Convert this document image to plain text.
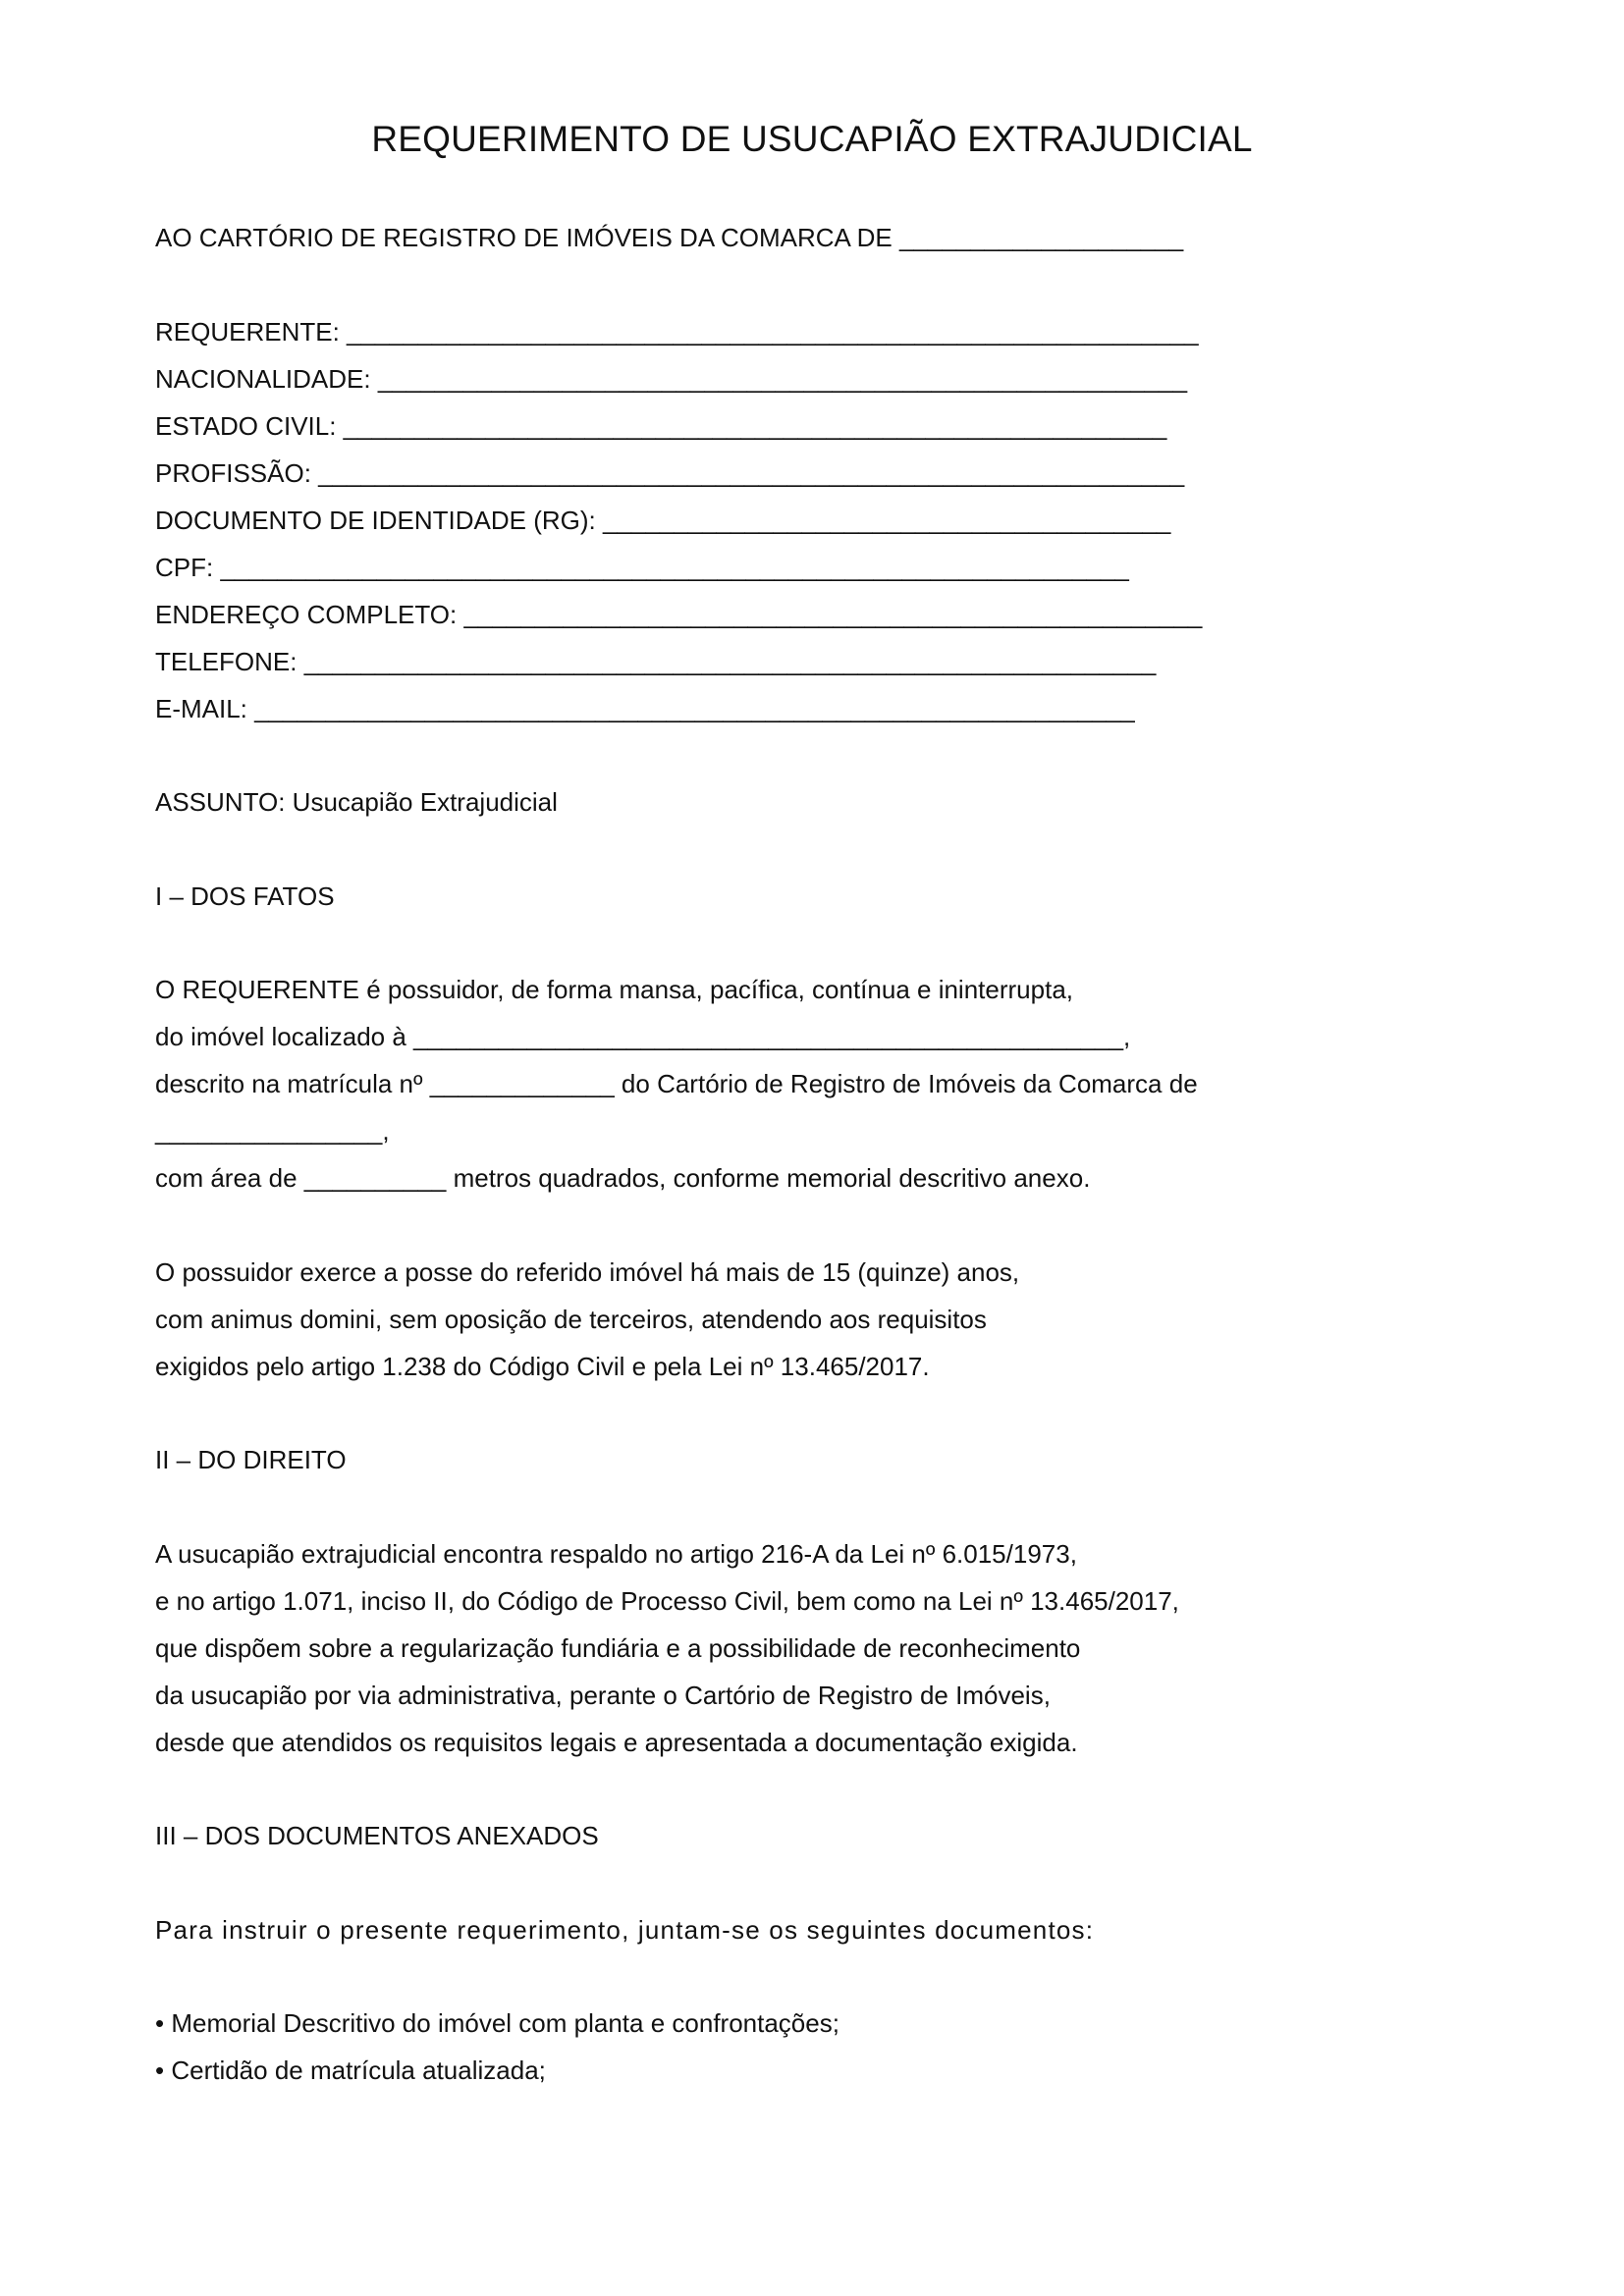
REQUERIMENTO DE USUCAPIÃO EXTRAJUDICIAL

AO CARTÓRIO DE REGISTRO DE IMÓVEIS DA COMARCA DE ____________________

REQUERENTE: ____________________________________________________________

NACIONALIDADE: _________________________________________________________

ESTADO CIVIL: __________________________________________________________

PROFISSÃO: _____________________________________________________________

DOCUMENTO DE IDENTIDADE (RG): ________________________________________

CPF: ________________________________________________________________

ENDEREÇO COMPLETO: ____________________________________________________

TELEFONE: ____________________________________________________________

E-MAIL: ______________________________________________________________

ASSUNTO: Usucapião Extrajudicial

I – DOS FATOS

O REQUERENTE é possuidor, de forma mansa, pacífica, contínua e ininterrupta,

do imóvel localizado à __________________________________________________,

descrito na matrícula nº _____________ do Cartório de Registro de Imóveis da Comarca de

________________,

com área de __________ metros quadrados, conforme memorial descritivo anexo.

O possuidor exerce a posse do referido imóvel há mais de 15 (quinze) anos,

com animus domini, sem oposição de terceiros, atendendo aos requisitos

exigidos pelo artigo 1.238 do Código Civil e pela Lei nº 13.465/2017.

II – DO DIREITO

A usucapião extrajudicial encontra respaldo no artigo 216-A da Lei nº 6.015/1973,

e no artigo 1.071, inciso II, do Código de Processo Civil, bem como na Lei nº 13.465/2017,

que dispõem sobre a regularização fundiária e a possibilidade de reconhecimento

da usucapião por via administrativa, perante o Cartório de Registro de Imóveis,

desde que atendidos os requisitos legais e apresentada a documentação exigida.

III – DOS DOCUMENTOS ANEXADOS

Para instruir o presente requerimento, juntam-se os seguintes documentos:

• Memorial Descritivo do imóvel com planta e confrontações;

• Certidão de matrícula atualizada;
